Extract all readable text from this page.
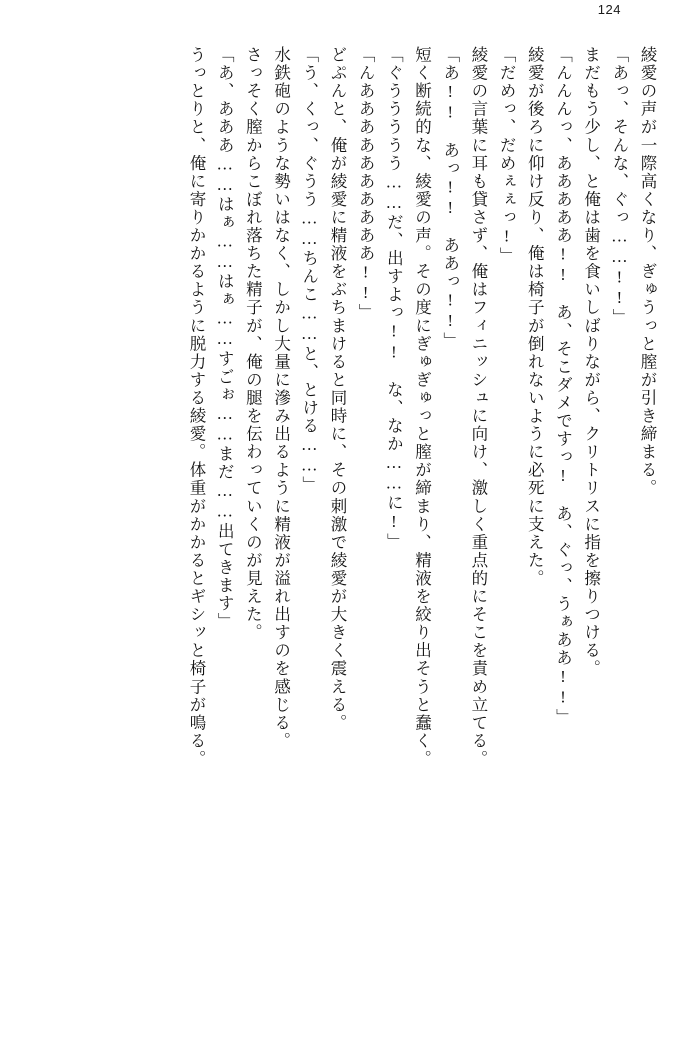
124
綾愛の声が一際高くなり、ぎゅうっと膣が引き締まる。
「あっ、そんな、ぐっ……!!」
まだもう少し、と俺は歯を食いしばりながら、クリトリスに指を擦りつける。
「んんんっ、あああああ!!　あ、そこダメですっ!　あ、ぐっ、うぁああ!!」
綾愛が後ろに仰け反り、俺は椅子が倒れないように必死に支えた。
「だめっ、だめぇぇっ!」
綾愛の言葉に耳も貸さず、俺はフィニッシュに向け、激しく重点的にそこを責め立てる。
「あ!!　あっ!!　ああっ!!」
短く断続的な、綾愛の声。その度にぎゅぎゅっと膣が締まり、精液を絞り出そうと蠢く。
「ぐううううう……だ、出すよっ!!　な、なか……に!」
「んああああああああああ!!」
どぷんと、俺が綾愛に精液をぶちまけると同時に、その刺激で綾愛が大きく震える。
「う、くっ、ぐうう……ちんこ……と、とける……」
水鉄砲のような勢いはなく、しかし大量に滲み出るように精液が溢れ出すのを感じる。
さっそく膣からこぼれ落ちた精子が、俺の腿を伝わっていくのが見えた。
「あ、あああ……はぁ……はぁ……すごぉ……まだ……出てきます」
うっとりと、俺に寄りかかるように脱力する綾愛。体重がかかるとギシッと椅子が鳴る。
